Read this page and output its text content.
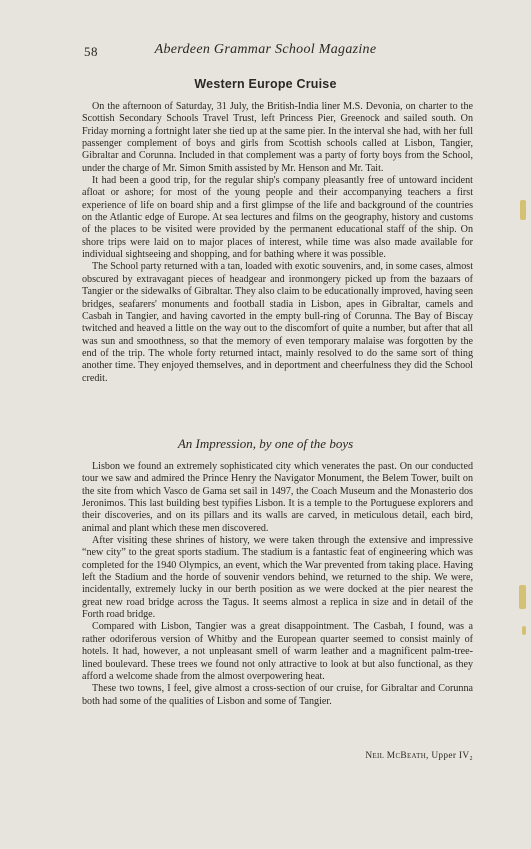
58	Aberdeen Grammar School Magazine
Western Europe Cruise

On the afternoon of Saturday, 31 July, the British-India liner M.S. Devonia, on charter to the Scottish Secondary Schools Travel Trust, left Princess Pier, Greenock and sailed south. On Friday morning a fortnight later she tied up at the same pier. In the interval she had, with her full passenger complement of boys and girls from Scottish schools called at Lisbon, Tangier, Gibraltar and Corunna. Included in that complement was a party of forty boys from the School, under the charge of Mr. Simon Smith assisted by Mr. Henson and Mr. Tait.

It had been a good trip, for the regular ship's company pleasantly free of untoward incident afloat or ashore; for most of the young people and their accompanying teachers a first experience of life on board ship and a first glimpse of the life and background of the countries on the Atlantic edge of Europe. At sea lectures and films on the geography, history and customs of the places to be visited were provided by the permanent educational staff of the ship. On shore trips were laid on to major places of interest, while time was also made available for individual sightseeing and shopping, and for bathing where it was possible.

The School party returned with a tan, loaded with exotic souvenirs, and, in some cases, almost obscured by extravagant pieces of headgear and ironmongery picked up from the bazaars of Tangier or the sidewalks of Gibraltar. They also claim to be educationally improved, having seen bridges, seafarers' monuments and football stadia in Lisbon, apes in Gibraltar, camels and Casbah in Tangier, and having cavorted in the empty bull-ring of Corunna. The Bay of Biscay twitched and heaved a little on the way out to the discomfort of quite a number, but after that all was sun and smoothness, so that the memory of even temporary malaise was forgotten by the end of the trip. The whole forty returned intact, mainly resolved to do the same sort of thing another time. They enjoyed themselves, and in deportment and cheerfulness they did the School credit.

An Impression, by one of the boys

Lisbon we found an extremely sophisticated city which venerates the past. On our conducted tour we saw and admired the Prince Henry the Navigator Monument, the Belem Tower, built on the site from which Vasco de Gama set sail in 1497, the Coach Museum and the Monasterio dos Jeronimos. This last building best typifies Lisbon. It is a temple to the Portuguese explorers and their discoveries, and on its pillars and its walls are carved, in meticulous detail, each bird, animal and plant which these men discovered.

After visiting these shrines of history, we were taken through the extensive and impressive “new city” to the great sports stadium. The stadium is a fantastic feat of engineering which was completed for the 1940 Olympics, an event, which the War prevented from taking place. Having left the Stadium and the horde of souvenir vendors behind, we returned to the ship. We were, incidentally, extremely lucky in our berth position as we were docked at the pier nearest the great new road bridge across the Tagus. It seems almost a replica in size and in detail of the Forth road bridge.

Compared with Lisbon, Tangier was a great disappointment. The Casbah, I found, was a rather odoriferous version of Whitby and the European quarter seemed to consist mainly of hotels. It had, however, a not unpleasant smell of warm leather and a magnificent palm-tree-lined boulevard. These trees we found not only attractive to look at but also functional, as they afford a welcome shade from the almost overpowering heat.

These two towns, I feel, give almost a cross-section of our cruise, for Gibraltar and Corunna both had some of the qualities of Lisbon and some of Tangier.

Neil McBeath, Upper IV₂
